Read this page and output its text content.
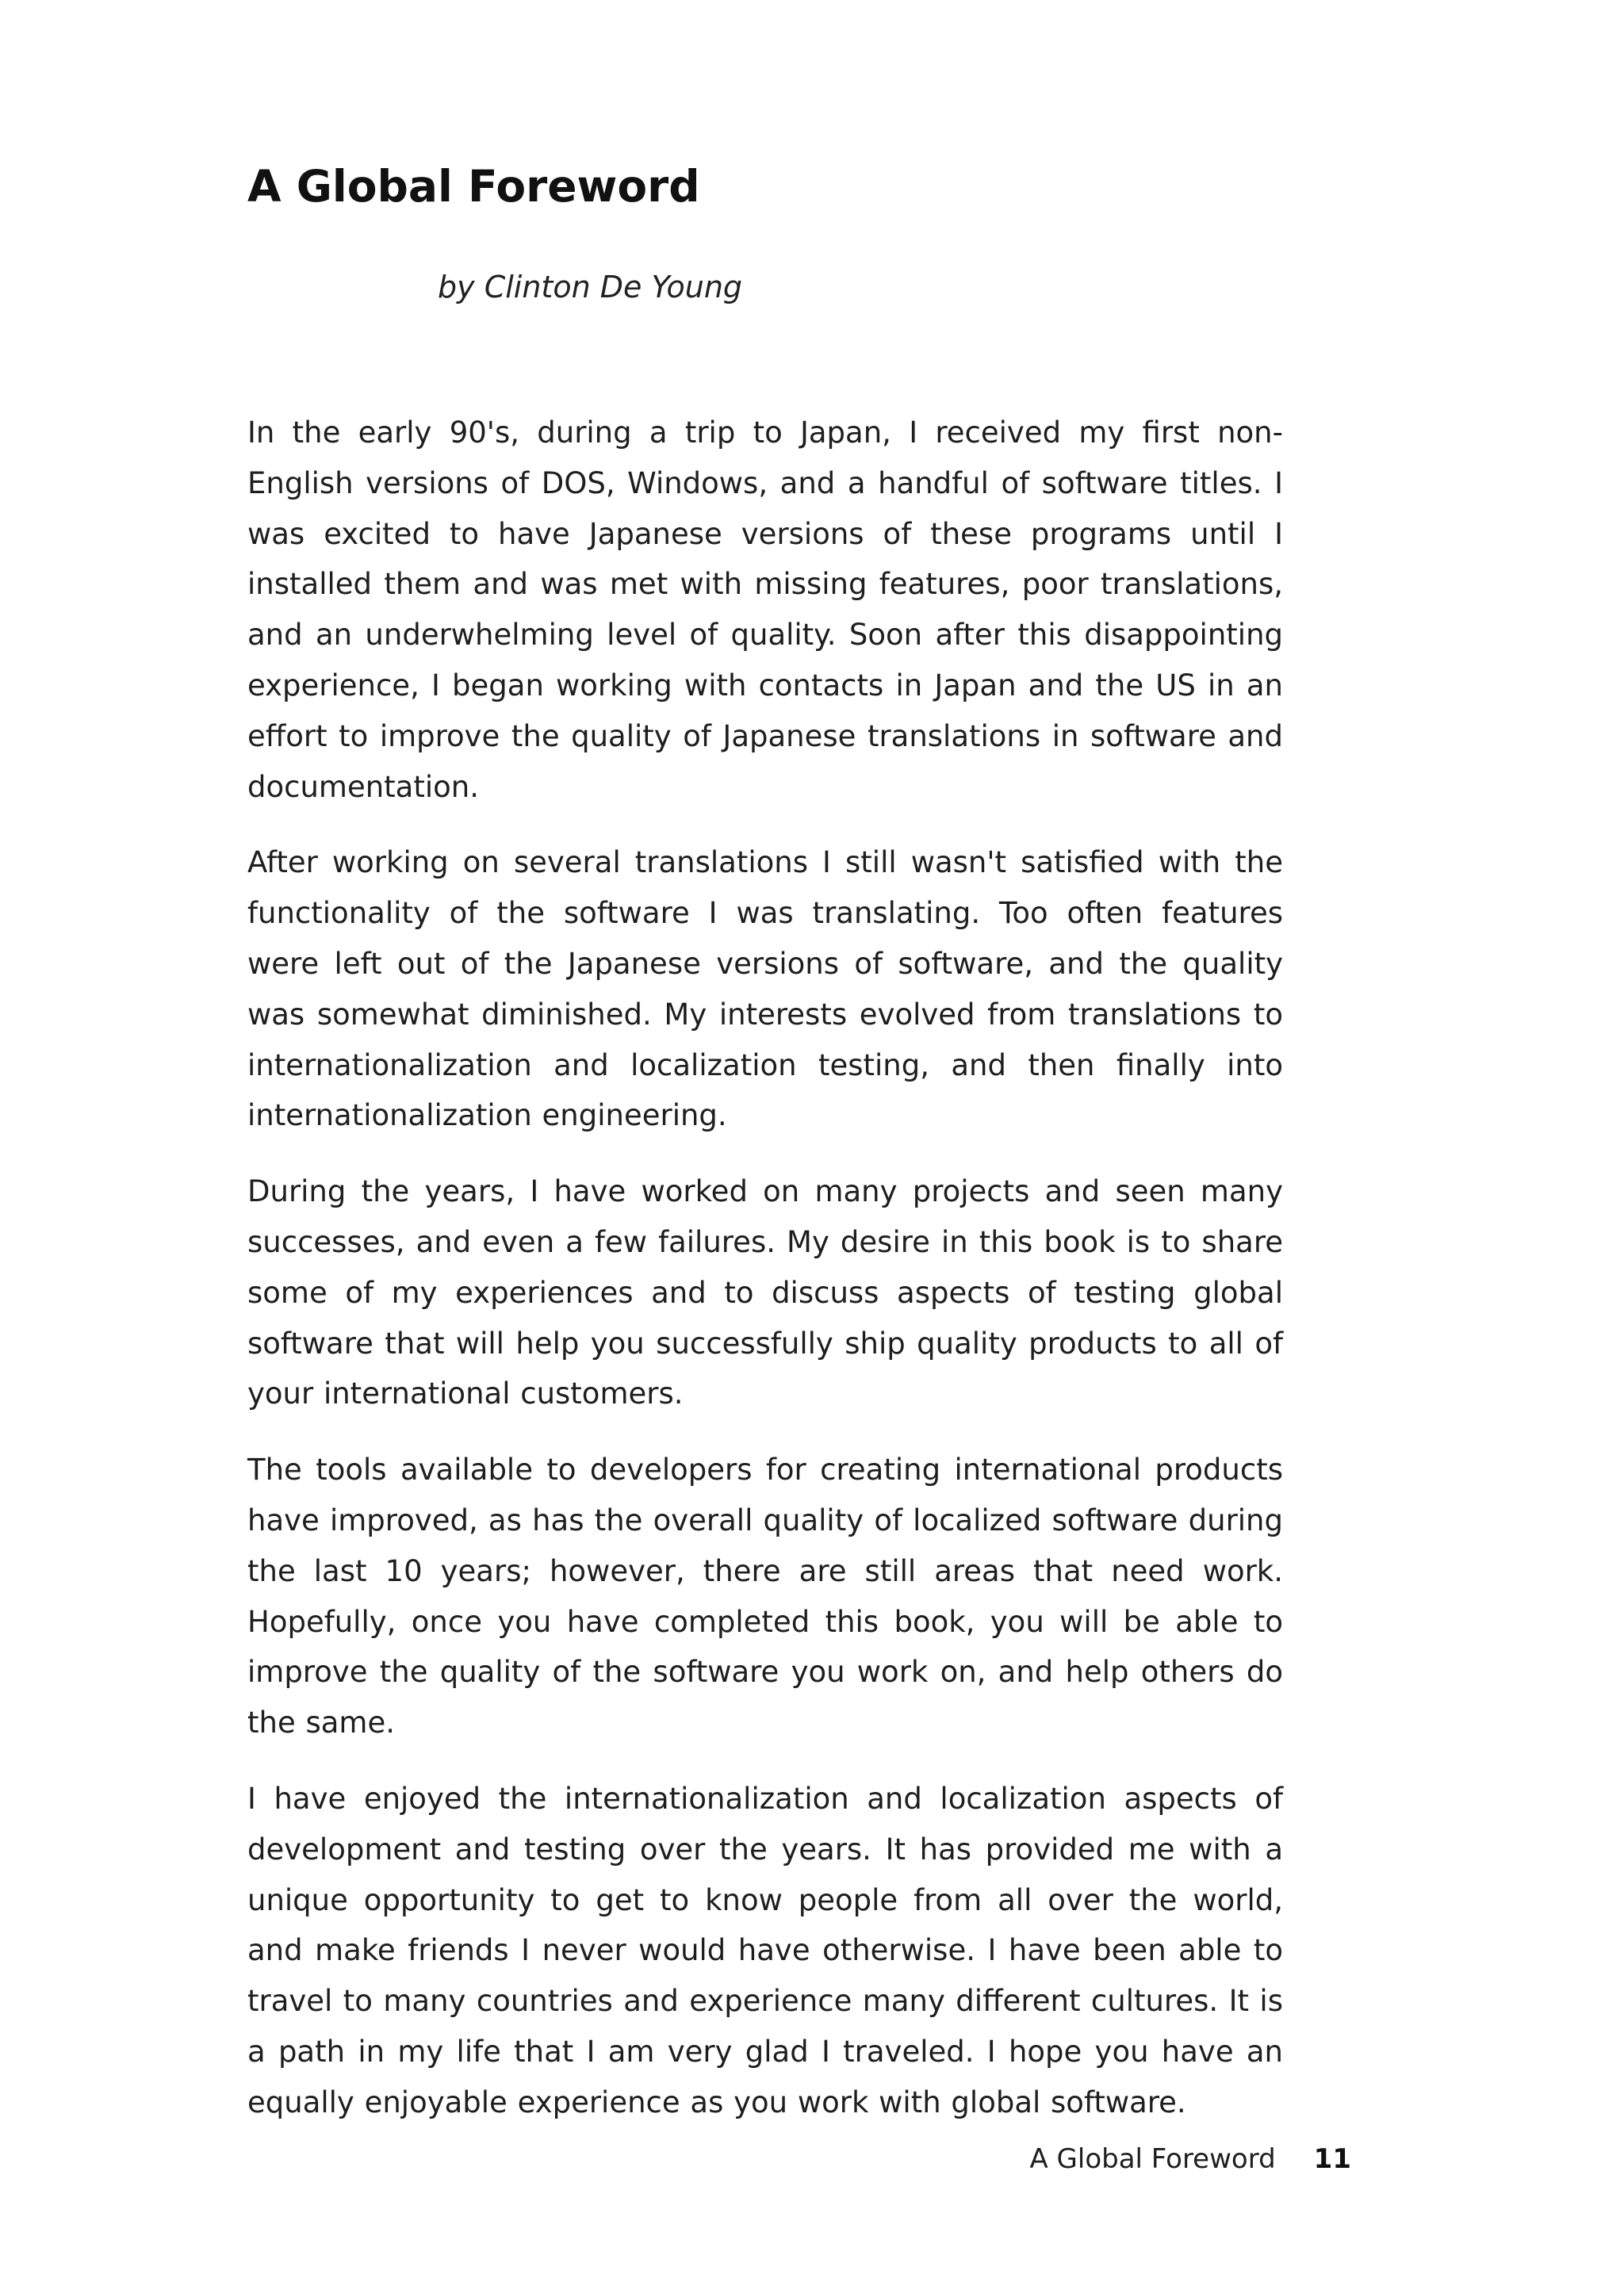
A Global Foreword

by Clinton De Young

In the early 90's, during a trip to Japan, I received my first non-English versions of DOS, Windows, and a handful of software titles. I was excited to have Japanese versions of these programs until I installed them and was met with missing features, poor translations, and an underwhelming level of quality. Soon after this disappointing experience, I began working with contacts in Japan and the US in an effort to improve the quality of Japanese translations in software and documentation.

After working on several translations I still wasn't satisfied with the functionality of the software I was translating. Too often features were left out of the Japanese versions of software, and the quality was somewhat diminished. My interests evolved from translations to internationalization and localization testing, and then finally into internationalization engineering.

During the years, I have worked on many projects and seen many successes, and even a few failures. My desire in this book is to share some of my experiences and to discuss aspects of testing global software that will help you successfully ship quality products to all of your international customers.

The tools available to developers for creating international products have improved, as has the overall quality of localized software during the last 10 years; however, there are still areas that need work. Hopefully, once you have completed this book, you will be able to improve the quality of the software you work on, and help others do the same.

I have enjoyed the internationalization and localization aspects of development and testing over the years. It has provided me with a unique opportunity to get to know people from all over the world, and make friends I never would have otherwise. I have been able to travel to many countries and experience many different cultures. It is a path in my life that I am very glad I traveled. I hope you have an equally enjoyable experience as you work with global software.

A Global Foreword 11
